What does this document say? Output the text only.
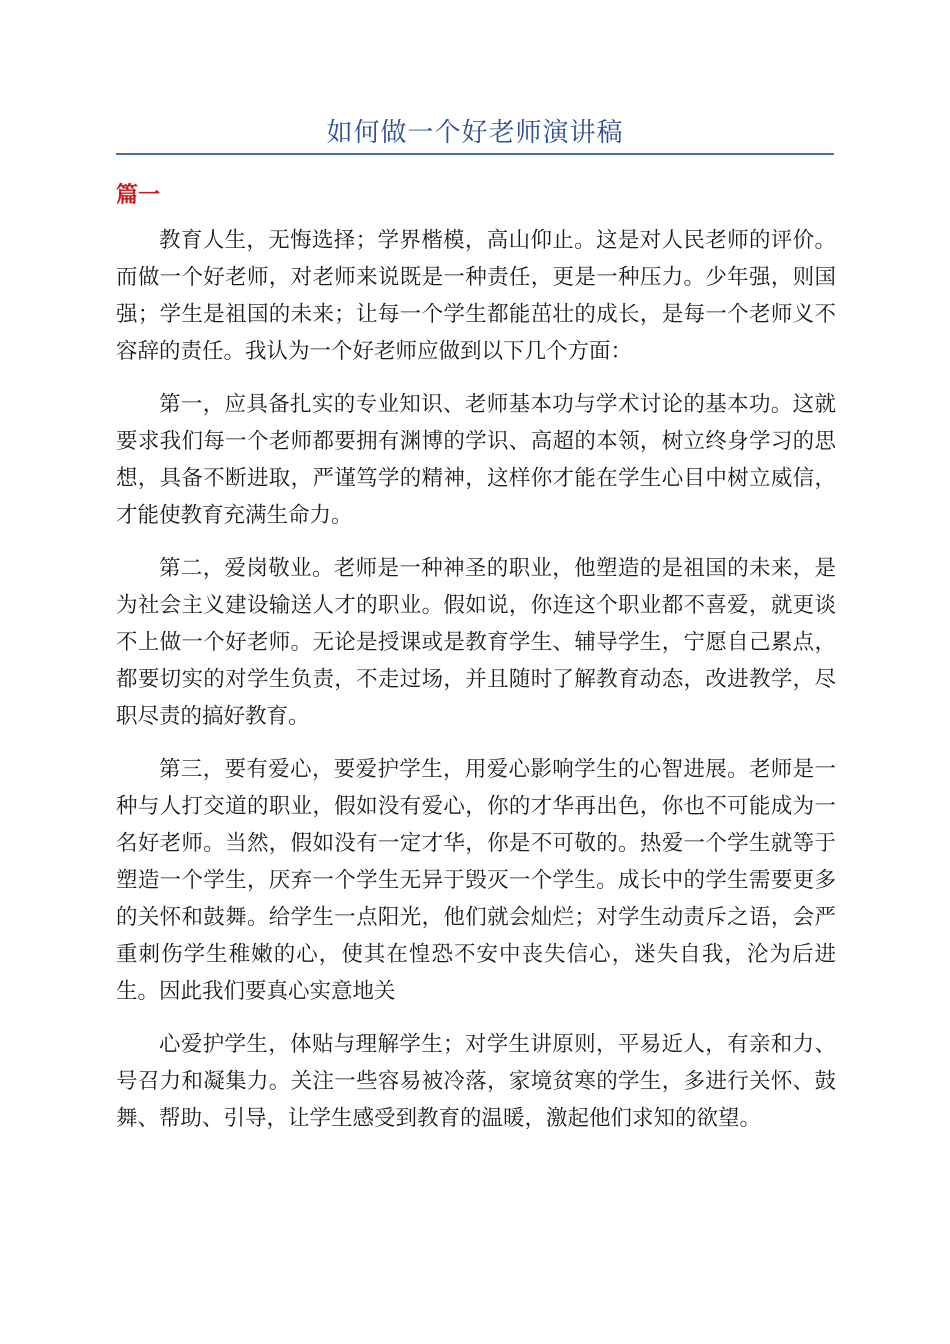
如何做一个好老师演讲稿
篇一

教育人生，无悔选择；学界楷模，高山仰止。这是对人民老师的评价。而做一个好老师，对老师来说既是一种责任，更是一种压力。少年强，则国强；学生是祖国的未来；让每一个学生都能茁壮的成长，是每一个老师义不容辞的责任。我认为一个好老师应做到以下几个方面：

第一，应具备扎实的专业知识、老师基本功与学术讨论的基本功。这就要求我们每一个老师都要拥有渊博的学识、高超的本领，树立终身学习的思想，具备不断进取，严谨笃学的精神，这样你才能在学生心目中树立威信，才能使教育充满生命力。

第二，爱岗敬业。老师是一种神圣的职业，他塑造的是祖国的未来，是为社会主义建设输送人才的职业。假如说，你连这个职业都不喜爱，就更谈不上做一个好老师。无论是授课或是教育学生、辅导学生，宁愿自己累点，都要切实的对学生负责，不走过场，并且随时了解教育动态，改进教学，尽职尽责的搞好教育。

第三，要有爱心，要爱护学生，用爱心影响学生的心智进展。老师是一种与人打交道的职业，假如没有爱心，你的才华再出色，你也不可能成为一名好老师。当然，假如没有一定才华，你是不可敬的。热爱一个学生就等于塑造一个学生，厌弃一个学生无异于毁灭一个学生。成长中的学生需要更多的关怀和鼓舞。给学生一点阳光，他们就会灿烂；对学生动责斥之语，会严重刺伤学生稚嫩的心，使其在惶恐不安中丧失信心，迷失自我，沦为后进生。因此我们要真心实意地关

心爱护学生，体贴与理解学生；对学生讲原则，平易近人，有亲和力、号召力和凝集力。关注一些容易被冷落，家境贫寒的学生，多进行关怀、鼓舞、帮助、引导，让学生感受到教育的温暖，激起他们求知的欲望。
